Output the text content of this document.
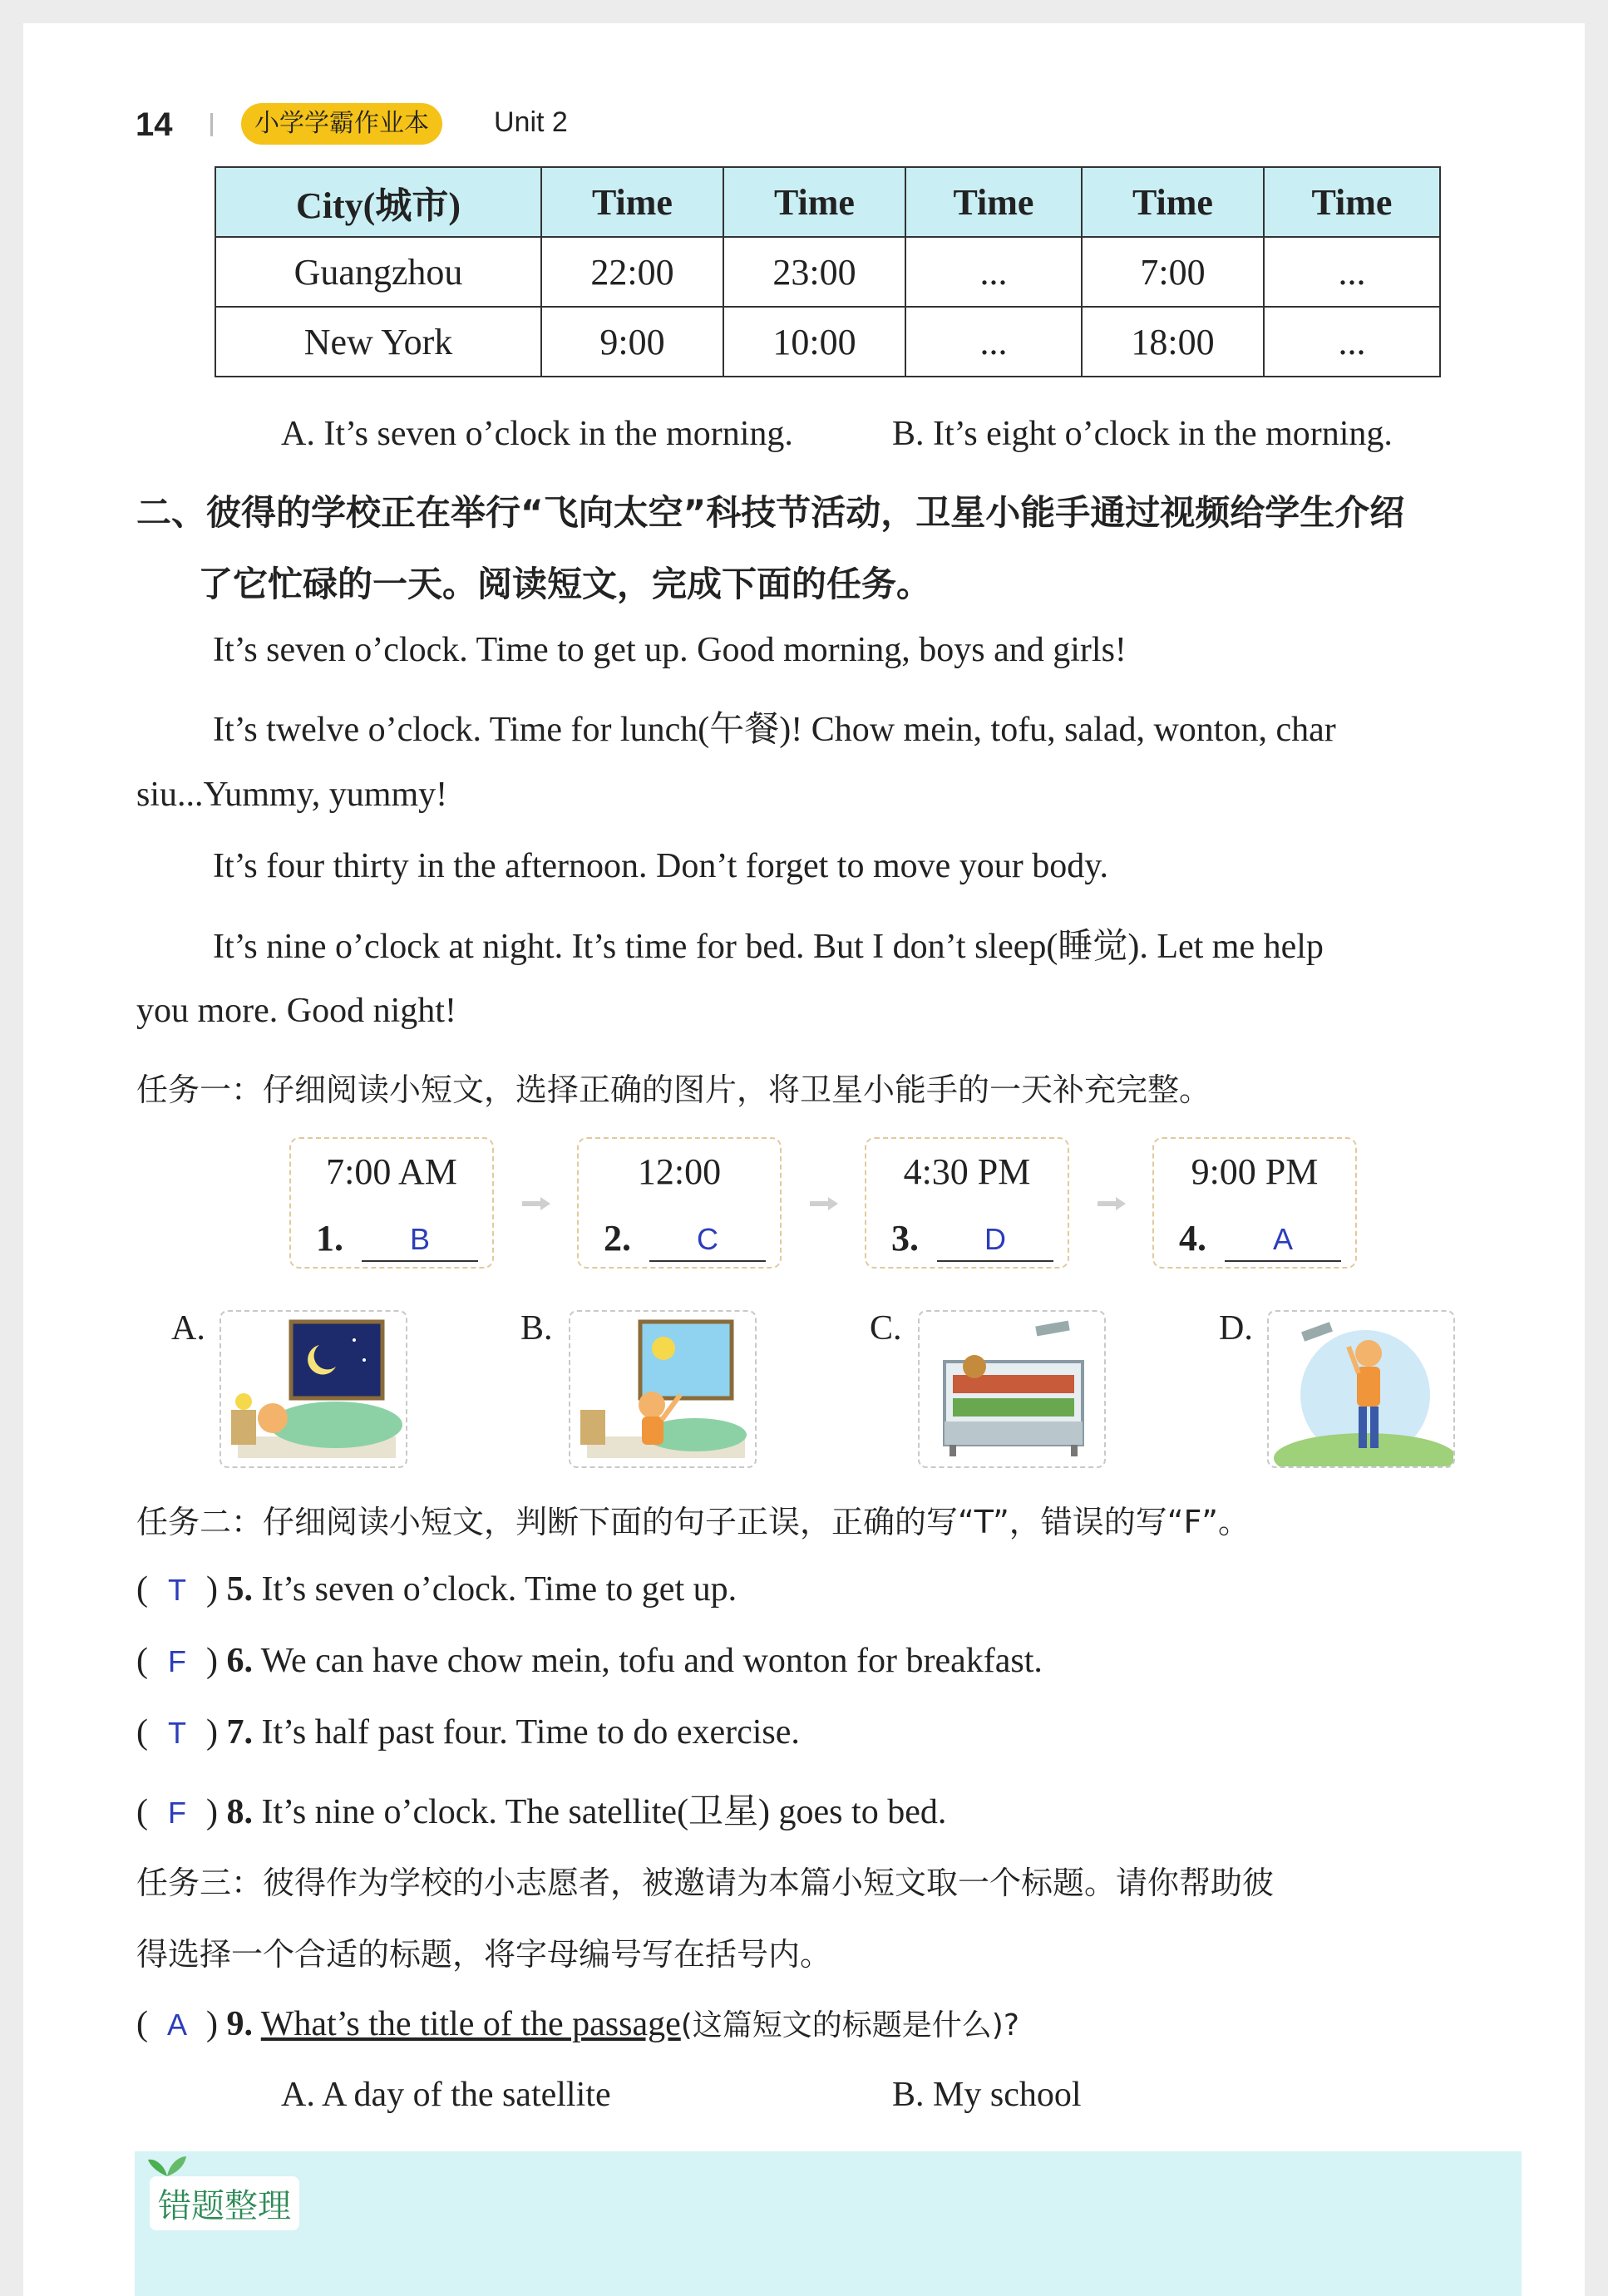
14	小学学霸作业本	Unit 2
City(城市)	Time	Time	Time	Time	Time
Guangzhou	22:00	23:00	...	7:00	...
New York	9:00	10:00	...	18:00	...
A. It’s seven o’clock in the morning.	B. It’s eight o’clock in the morning.
二、彼得的学校正在举行“飞向太空”科技节活动，卫星小能手通过视频给学生介绍
了它忙碌的一天。阅读短文，完成下面的任务。
It’s seven o’clock. Time to get up. Good morning, boys and girls!
It’s twelve o’clock. Time for lunch(午餐)! Chow mein, tofu, salad, wonton, char
siu...Yummy, yummy!
It’s four thirty in the afternoon. Don’t forget to move your body.
It’s nine o’clock at night. It’s time for bed. But I don’t sleep(睡觉). Let me help
you more. Good night!
任务一：仔细阅读小短文，选择正确的图片，将卫星小能手的一天补充完整。
7:00 AM
1.	B
12:00
2.	C
4:30 PM
3.	D
9:00 PM
4.	A
A.	B.	C.	D.
任务二：仔细阅读小短文，判断下面的句子正误，正确的写“T”，错误的写“F”。
( T ) 5. It’s seven o’clock. Time to get up.
( F ) 6. We can have chow mein, tofu and wonton for breakfast.
( T ) 7. It’s half past four. Time to do exercise.
( F ) 8. It’s nine o’clock. The satellite(卫星) goes to bed.
任务三：彼得作为学校的小志愿者，被邀请为本篇小短文取一个标题。请你帮助彼
得选择一个合适的标题，将字母编号写在括号内。
( A ) 9. What’s the title of the passage(这篇短文的标题是什么)?
A. A day of the satellite	B. My school
错题整理
